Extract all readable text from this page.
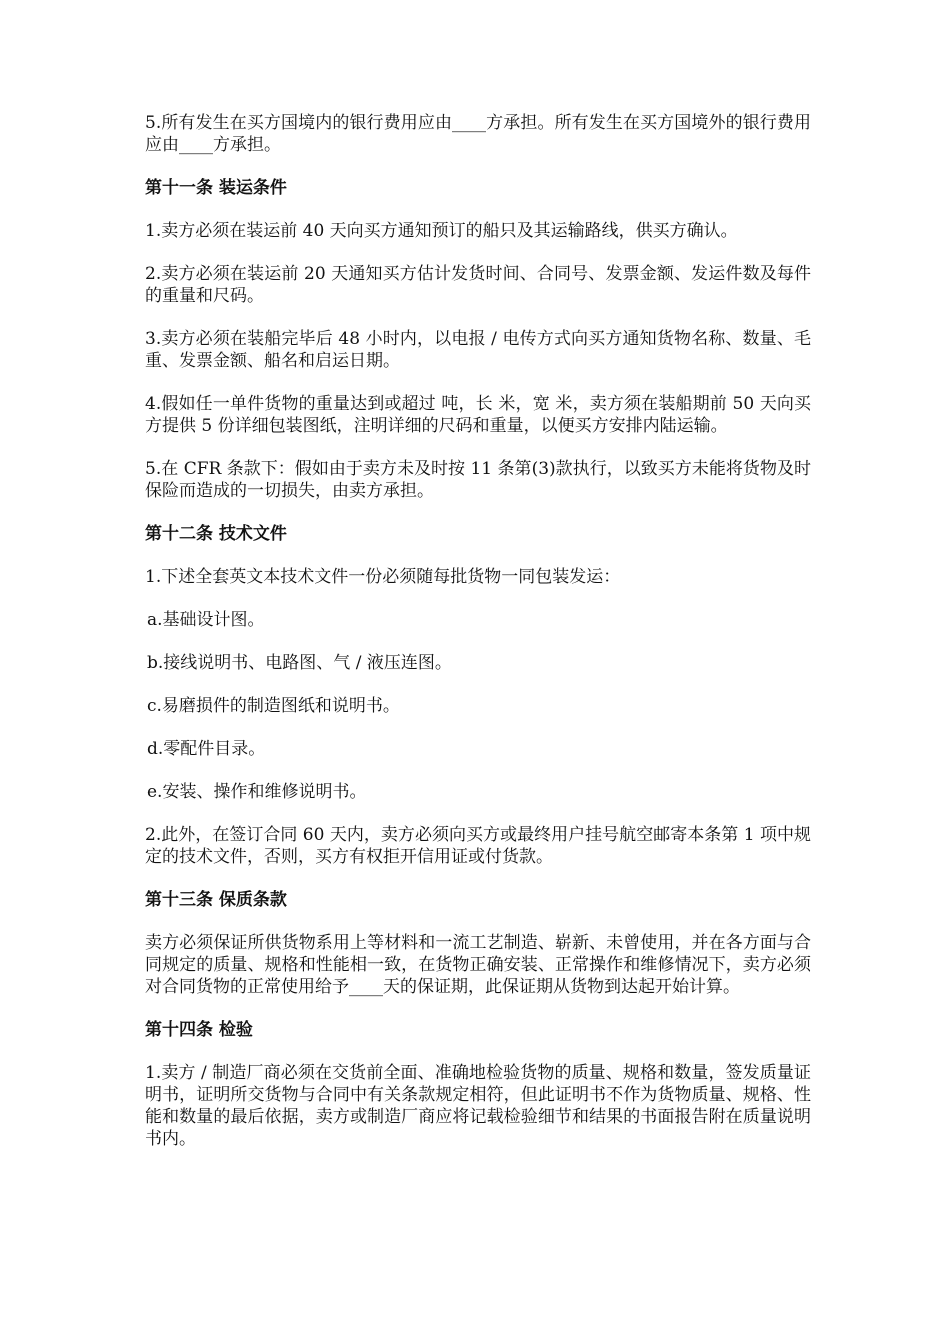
5.所有发生在买方国境内的银行费用应由____方承担。所有发生在买方国境外的银行费用应由____方承担。

第十一条 装运条件

1.卖方必须在装运前 40 天向买方通知预订的船只及其运输路线，供买方确认。

2.卖方必须在装运前 20 天通知买方估计发货时间、合同号、发票金额、发运件数及每件的重量和尺码。

3.卖方必须在装船完毕后 48 小时内，以电报 / 电传方式向买方通知货物名称、数量、毛重、发票金额、船名和启运日期。

4.假如任一单件货物的重量达到或超过 吨，长 米，宽 米，卖方须在装船期前 50 天向买方提供 5 份详细包装图纸，注明详细的尺码和重量，以便买方安排内陆运输。

5.在 CFR 条款下：假如由于卖方未及时按 11 条第(3)款执行，以致买方未能将货物及时保险而造成的一切损失，由卖方承担。

第十二条 技术文件

1.下述全套英文本技术文件一份必须随每批货物一同包装发运：

a.基础设计图。

b.接线说明书、电路图、气 / 液压连图。

c.易磨损件的制造图纸和说明书。

d.零配件目录。

e.安装、操作和维修说明书。

2.此外，在签订合同 60 天内，卖方必须向买方或最终用户挂号航空邮寄本条第 1 项中规定的技术文件，否则，买方有权拒开信用证或付货款。

第十三条 保质条款

卖方必须保证所供货物系用上等材料和一流工艺制造、崭新、未曾使用，并在各方面与合同规定的质量、规格和性能相一致，在货物正确安装、正常操作和维修情况下，卖方必须对合同货物的正常使用给予____天的保证期，此保证期从货物到达起开始计算。

第十四条 检验

1.卖方 / 制造厂商必须在交货前全面、准确地检验货物的质量、规格和数量，签发质量证明书，证明所交货物与合同中有关条款规定相符，但此证明书不作为货物质量、规格、性能和数量的最后依据，卖方或制造厂商应将记载检验细节和结果的书面报告附在质量说明书内。
